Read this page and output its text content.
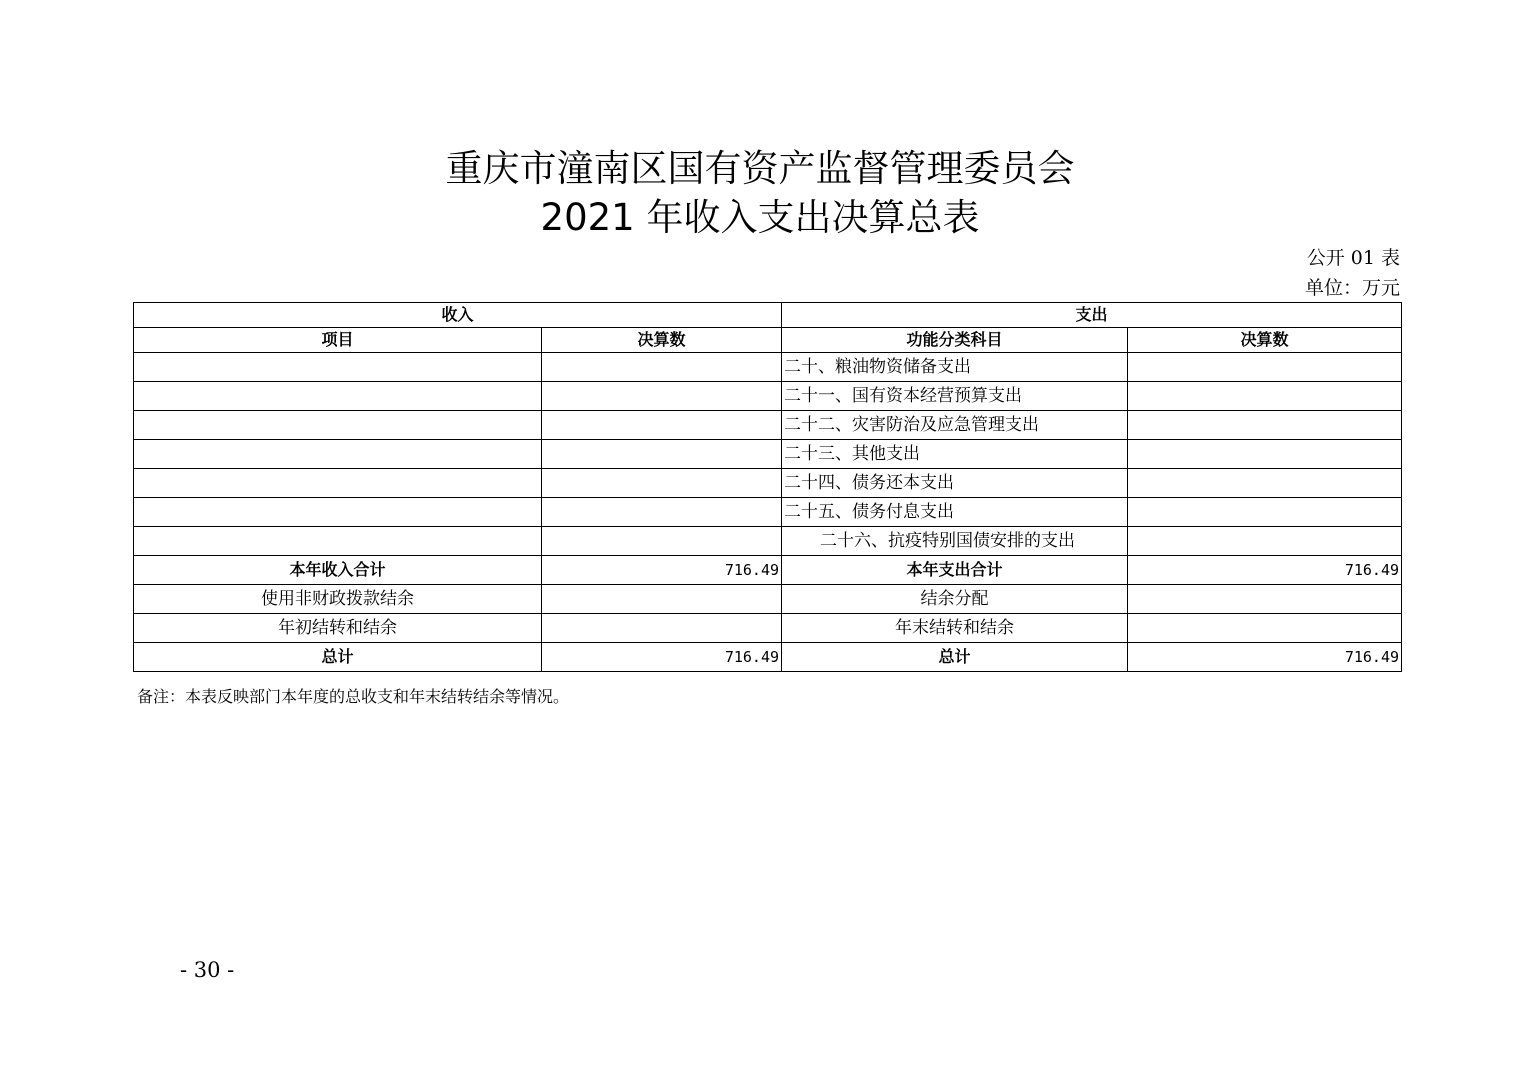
重庆市潼南区国有资产监督管理委员会
2021 年收入支出决算总表
公开 01 表
单位：万元
收入		支出	
项目	决算数	功能分类科目	决算数
		二十、粮油物资储备支出	
		二十一、国有资本经营预算支出	
		二十二、灾害防治及应急管理支出	
		二十三、其他支出	
		二十四、债务还本支出	
		二十五、债务付息支出	
		二十六、抗疫特别国债安排的支出	
本年收入合计	716.49	本年支出合计	716.49
使用非财政拨款结余		结余分配	
年初结转和结余		年末结转和结余	
总计	716.49	总计	716.49
备注：本表反映部门本年度的总收支和年末结转结余等情况。
- 30 -
